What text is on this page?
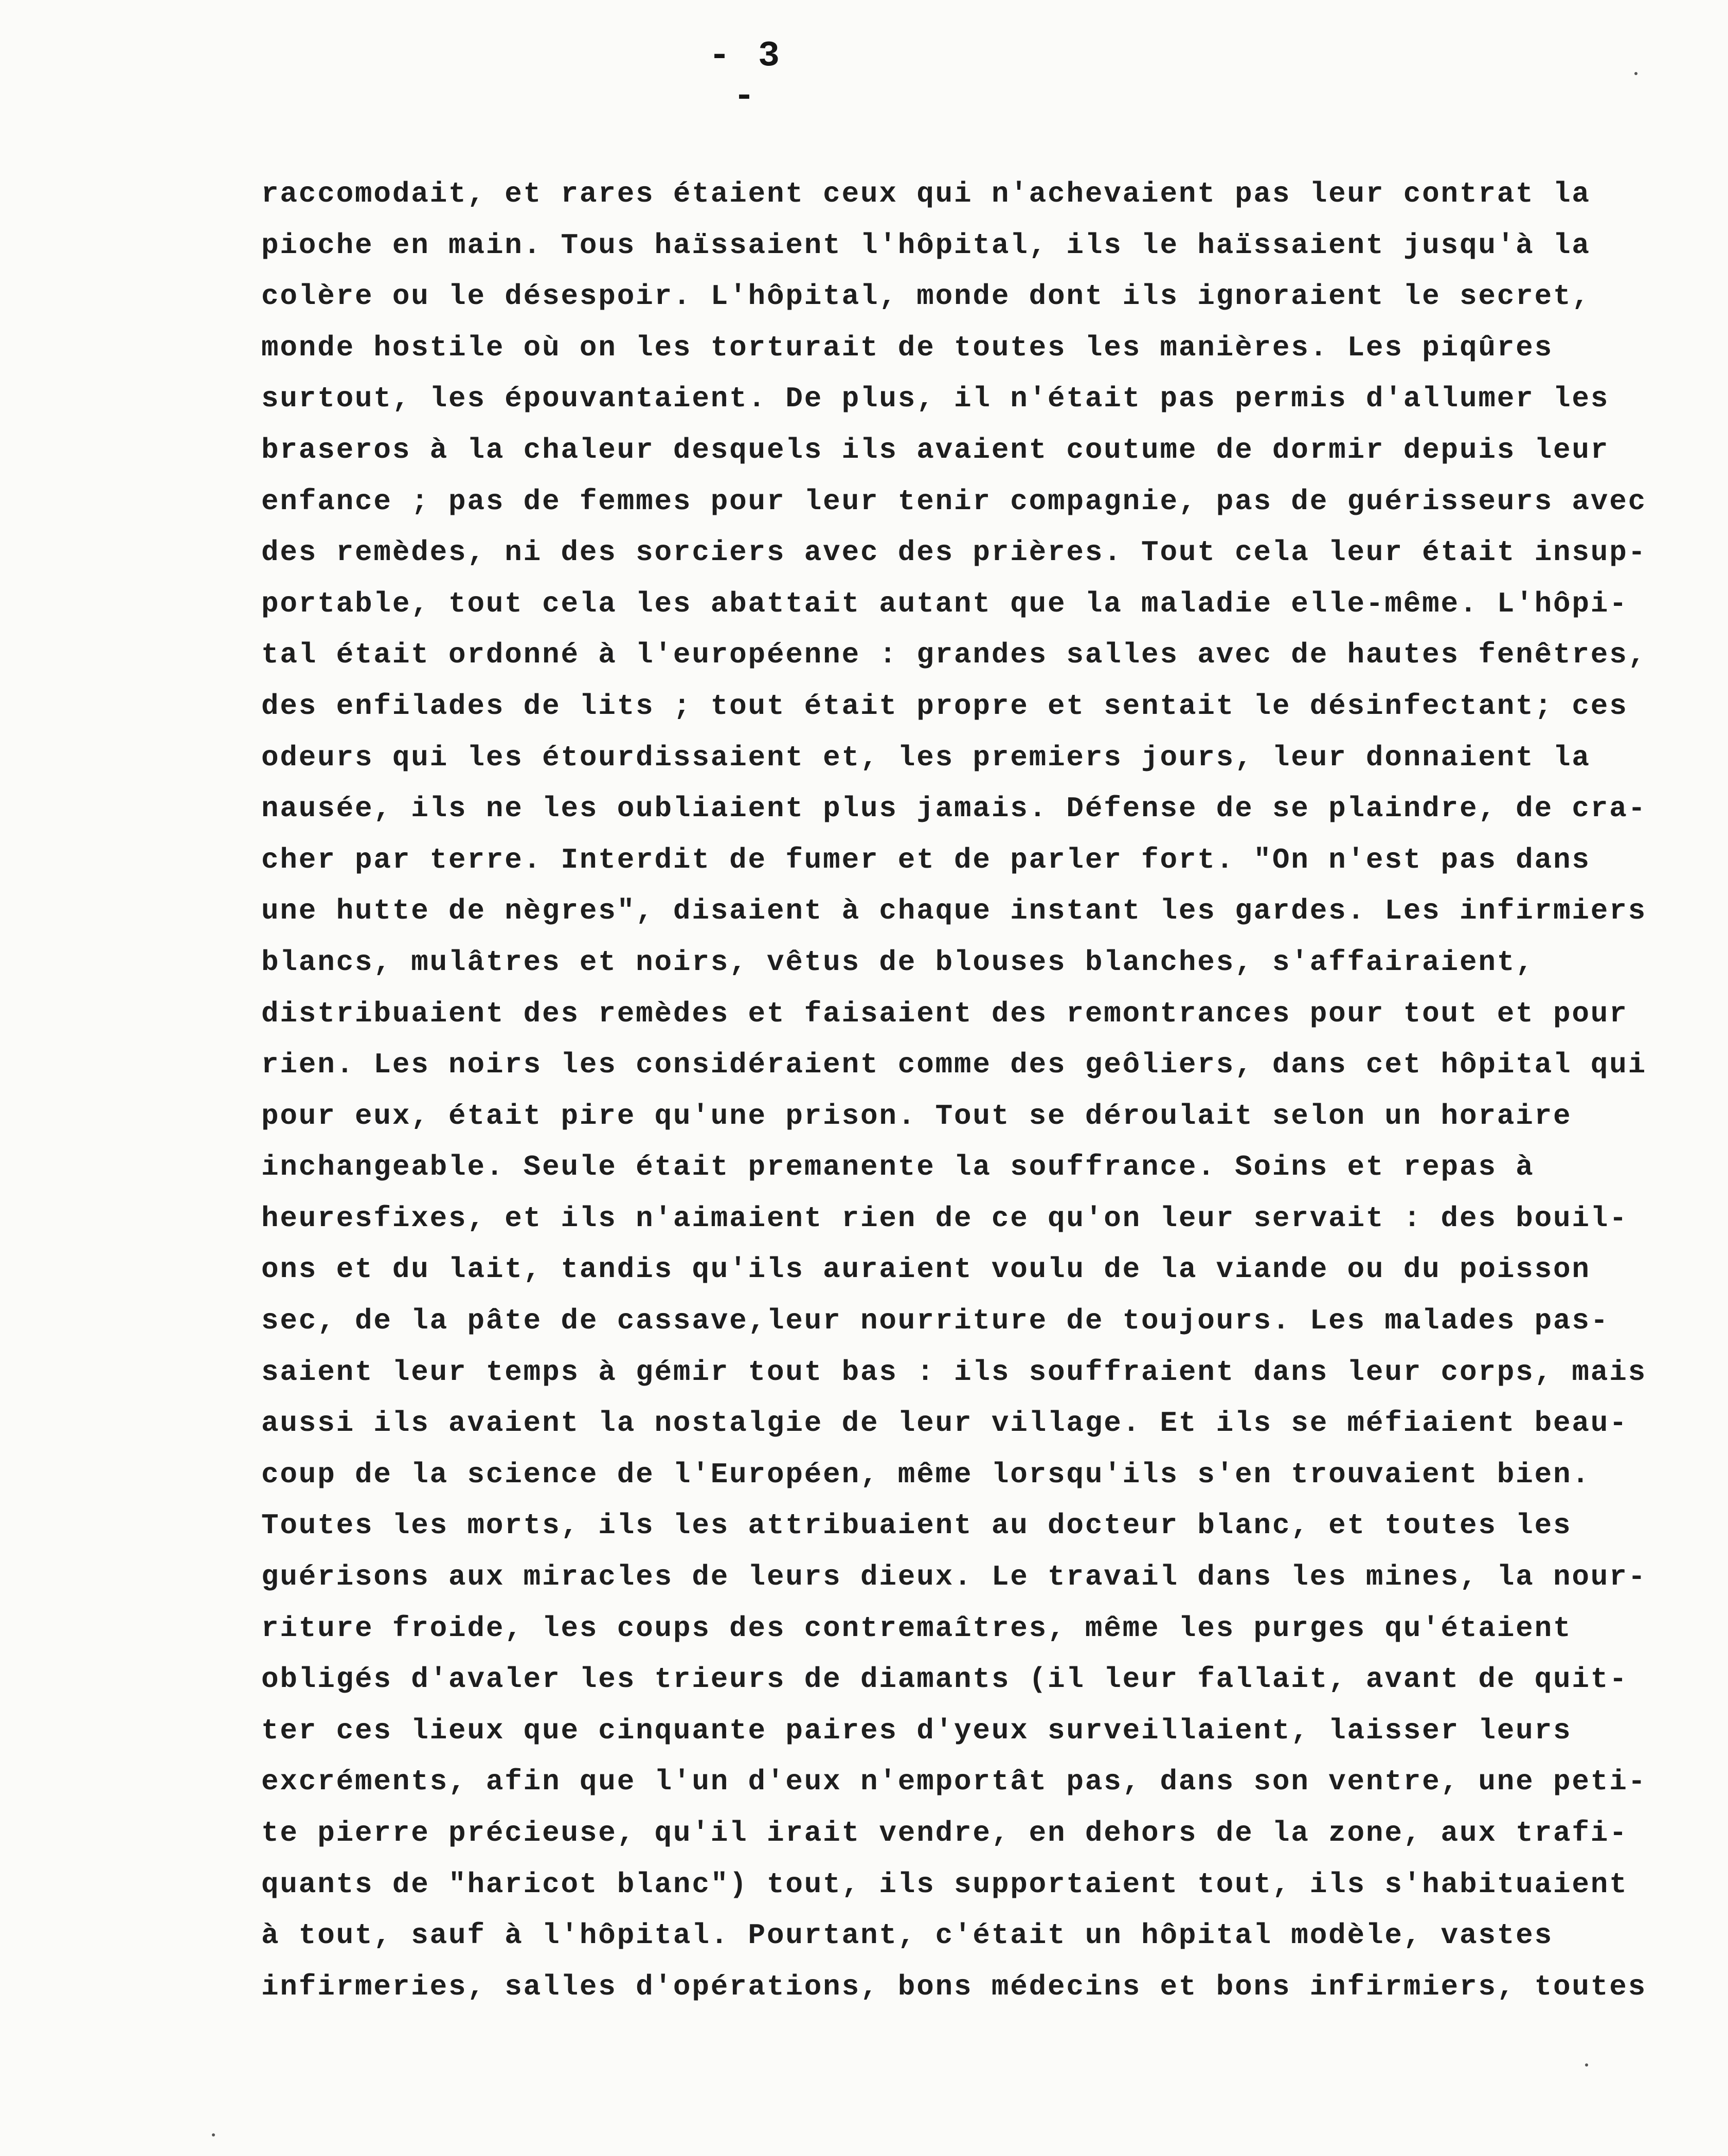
- 3 -
raccomodait, et rares étaient ceux qui n'achevaient pas leur contrat la
pioche en main. Tous haïssaient l'hôpital, ils le haïssaient jusqu'à la
colère ou le désespoir. L'hôpital, monde dont ils ignoraient le secret,
monde hostile où on les torturait de toutes les manières. Les piqûres
surtout, les épouvantaient. De plus, il n'était pas permis d'allumer les
braseros à la chaleur desquels ils avaient coutume de dormir depuis leur
enfance ; pas de femmes pour leur tenir compagnie, pas de guérisseurs avec
des remèdes, ni des sorciers avec des prières. Tout cela leur était insup-
portable, tout cela les abattait autant que la maladie elle-même. L'hôpi-
tal était ordonné à l'européenne : grandes salles avec de hautes fenêtres,
des enfilades de lits ; tout était propre et sentait le désinfectant; ces
odeurs qui les étourdissaient et, les premiers jours, leur donnaient la
nausée, ils ne les oubliaient plus jamais. Défense de se plaindre, de cra-
cher par terre. Interdit de fumer et de parler fort. "On n'est pas dans
une hutte de nègres", disaient à chaque instant les gardes. Les infirmiers
blancs, mulâtres et noirs, vêtus de blouses blanches, s'affairaient,
distribuaient des remèdes et faisaient des remontrances pour tout et pour
rien. Les noirs les considéraient comme des geôliers, dans cet hôpital qui
pour eux, était pire qu'une prison. Tout se déroulait selon un horaire
inchangeable. Seule était premanente la souffrance. Soins et repas à
heuresfixes, et ils n'aimaient rien de ce qu'on leur servait : des bouil-
ons et du lait, tandis qu'ils auraient voulu de la viande ou du poisson
sec, de la pâte de cassave,leur nourriture de toujours. Les malades pas-
saient leur temps à gémir tout bas : ils souffraient dans leur corps, mais
aussi ils avaient la nostalgie de leur village. Et ils se méfiaient beau-
coup de la science de l'Européen, même lorsqu'ils s'en trouvaient bien.
Toutes les morts, ils les attribuaient au docteur blanc, et toutes les
guérisons aux miracles de leurs dieux. Le travail dans les mines, la nour-
riture froide, les coups des contremaîtres, même les purges qu'étaient
obligés d'avaler les trieurs de diamants (il leur fallait, avant de quit-
ter ces lieux que cinquante paires d'yeux surveillaient, laisser leurs
excréments, afin que l'un d'eux n'emportât pas, dans son ventre, une peti-
te pierre précieuse, qu'il irait vendre, en dehors de la zone, aux trafi-
quants de "haricot blanc") tout, ils supportaient tout, ils s'habituaient
à tout, sauf à l'hôpital. Pourtant, c'était un hôpital modèle, vastes
infirmeries, salles d'opérations, bons médecins et bons infirmiers, toutes
